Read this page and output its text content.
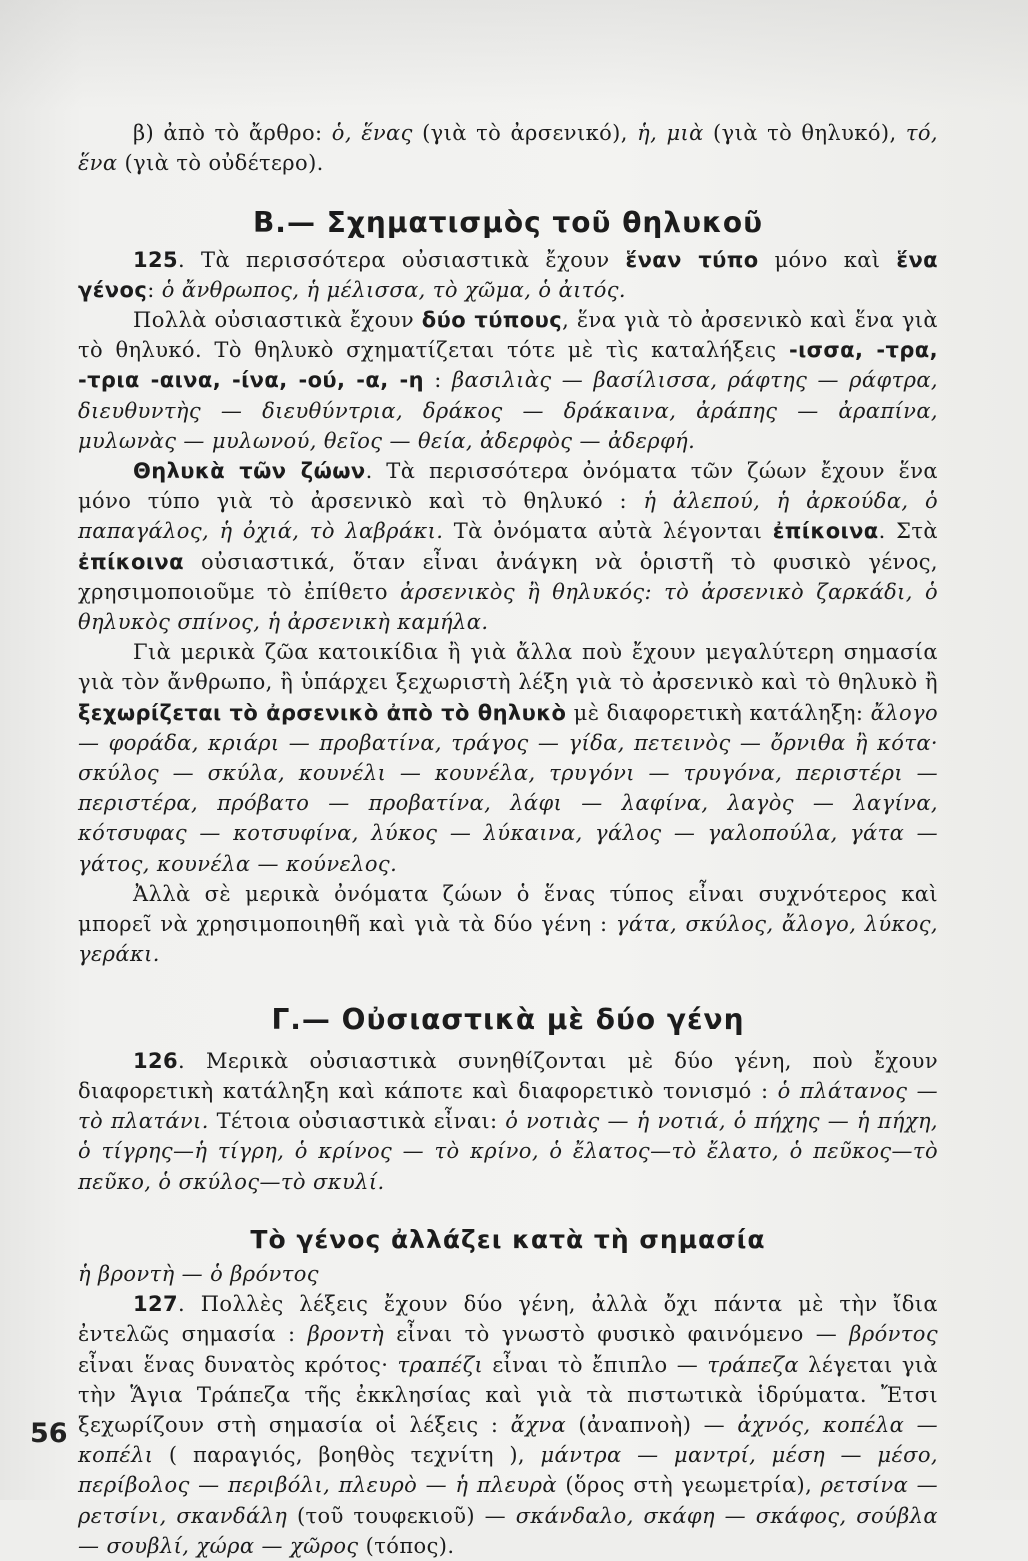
β) ἀπὸ τὸ ἄρθρο: ὁ, ἕνας (γιὰ τὸ ἀρσενικό), ἡ, μιὰ (γιὰ τὸ θηλυκό), τό, ἕνα (γιὰ τὸ οὐδέτερο).

Β.— Σχηματισμὸς τοῦ θηλυκοῦ

125. Τὰ περισσότερα οὐσιαστικὰ ἔχουν ἕναν τύπο μόνο καὶ ἕνα γένος: ὁ ἄνθρωπος, ἡ μέλισσα, τὸ χῶμα, ὁ ἀιτός.

Πολλὰ οὐσιαστικὰ ἔχουν δύο τύπους, ἕνα γιὰ τὸ ἀρσενικὸ καὶ ἕνα γιὰ τὸ θηλυκό. Τὸ θηλυκὸ σχηματίζεται τότε μὲ τὶς καταλήξεις -ισσα, -τρα, -τρια -αινα, -ίνα, -ού, -α, -η : βασιλιὰς — βασίλισσα, ράφτης — ράφτρα, διευθυντὴς — διευθύντρια, δράκος — δράκαινα, ἀράπης — ἀραπίνα, μυλωνὰς — μυλωνού, θεῖος — θεία, ἀδερφὸς — ἀδερφή.

Θηλυκὰ τῶν ζώων. Τὰ περισσότερα ὀνόματα τῶν ζώων ἔχουν ἕνα μόνο τύπο γιὰ τὸ ἀρσενικὸ καὶ τὸ θηλυκό : ἡ ἀλεπού, ἡ ἀρκούδα, ὁ παπαγάλος, ἡ ὀχιά, τὸ λαβράκι. Τὰ ὀνόματα αὐτὰ λέγονται ἐπίκοινα. Στὰ ἐπίκοινα οὐσιαστικά, ὅταν εἶναι ἀνάγκη νὰ ὁριστῆ τὸ φυσικὸ γένος, χρησιμοποιοῦμε τὸ ἐπίθετο ἀρσενικὸς ἢ θηλυκός: τὸ ἀρσενικὸ ζαρκάδι, ὁ θηλυκὸς σπίνος, ἡ ἀρσενικὴ καμήλα.

Γιὰ μερικὰ ζῶα κατοικίδια ἢ γιὰ ἄλλα ποὺ ἔχουν μεγαλύτερη σημασία γιὰ τὸν ἄνθρωπο, ἢ ὑπάρχει ξεχωριστὴ λέξη γιὰ τὸ ἀρσενικὸ καὶ τὸ θηλυκὸ ἢ ξεχωρίζεται τὸ ἀρσενικὸ ἀπὸ τὸ θηλυκὸ μὲ διαφορετικὴ κατάληξη: ἄλογο — φοράδα, κριάρι — προβατίνα, τράγος — γίδα, πετεινὸς — ὄρνιθα ἢ κότα· σκύλος — σκύλα, κουνέλι — κουνέλα, τρυγόνι — τρυγόνα, περιστέρι — περιστέρα, πρόβατο — προβατίνα, λάφι — λαφίνα, λαγὸς — λαγίνα, κότσυφας — κοτσυφίνα, λύκος — λύκαινα, γάλος — γαλοπούλα, γάτα — γάτος, κουνέλα — κούνελος.

Ἀλλὰ σὲ μερικὰ ὀνόματα ζώων ὁ ἕνας τύπος εἶναι συχνότερος καὶ μπορεῖ νὰ χρησιμοποιηθῆ καὶ γιὰ τὰ δύο γένη : γάτα, σκύλος, ἄλογο, λύκος, γεράκι.

Γ.— Οὐσιαστικὰ μὲ δύο γένη

126. Μερικὰ οὐσιαστικὰ συνηθίζονται μὲ δύο γένη, ποὺ ἔχουν διαφορετικὴ κατάληξη καὶ κάποτε καὶ διαφορετικὸ τονισμό : ὁ πλάτανος — τὸ πλατάνι. Τέτοια οὐσιαστικὰ εἶναι: ὁ νοτιὰς — ἡ νοτιά, ὁ πήχης — ἡ πήχη, ὁ τίγρης—ἡ τίγρη, ὁ κρίνος — τὸ κρίνο, ὁ ἔλατος—τὸ ἔλατο, ὁ πεῦκος—τὸ πεῦκο, ὁ σκύλος—τὸ σκυλί.

Τὸ γένος ἀλλάζει κατὰ τὴ σημασία

ἡ βροντὴ — ὁ βρόντος

127. Πολλὲς λέξεις ἔχουν δύο γένη, ἀλλὰ ὄχι πάντα μὲ τὴν ἴδια ἐντελῶς σημασία : βροντὴ εἶναι τὸ γνωστὸ φυσικὸ φαινόμενο — βρόντος εἶναι ἕνας δυνατὸς κρότος· τραπέζι εἶναι τὸ ἔπιπλο — τράπεζα λέγεται γιὰ τὴν Ἅγια Τράπεζα τῆς ἐκκλησίας καὶ γιὰ τὰ πιστωτικὰ ἱδρύματα. Ἔτσι ξεχωρίζουν στὴ σημασία οἱ λέξεις : ἄχνα (ἀναπνοὴ) — ἀχνός, κοπέλα — κοπέλι ( παραγιός, βοηθὸς τεχνίτη ), μάντρα — μαντρί, μέση — μέσο, περίβολος — περιβόλι, πλευρὸ — ἡ πλευρὰ (ὅρος στὴ γεωμετρία), ρετσίνα — ρετσίνι, σκανδάλη (τοῦ τουφεκιοῦ) — σκάνδαλο, σκάφη — σκάφος, σούβλα — σουβλί, χώρα — χῶρος (τόπος).

56
